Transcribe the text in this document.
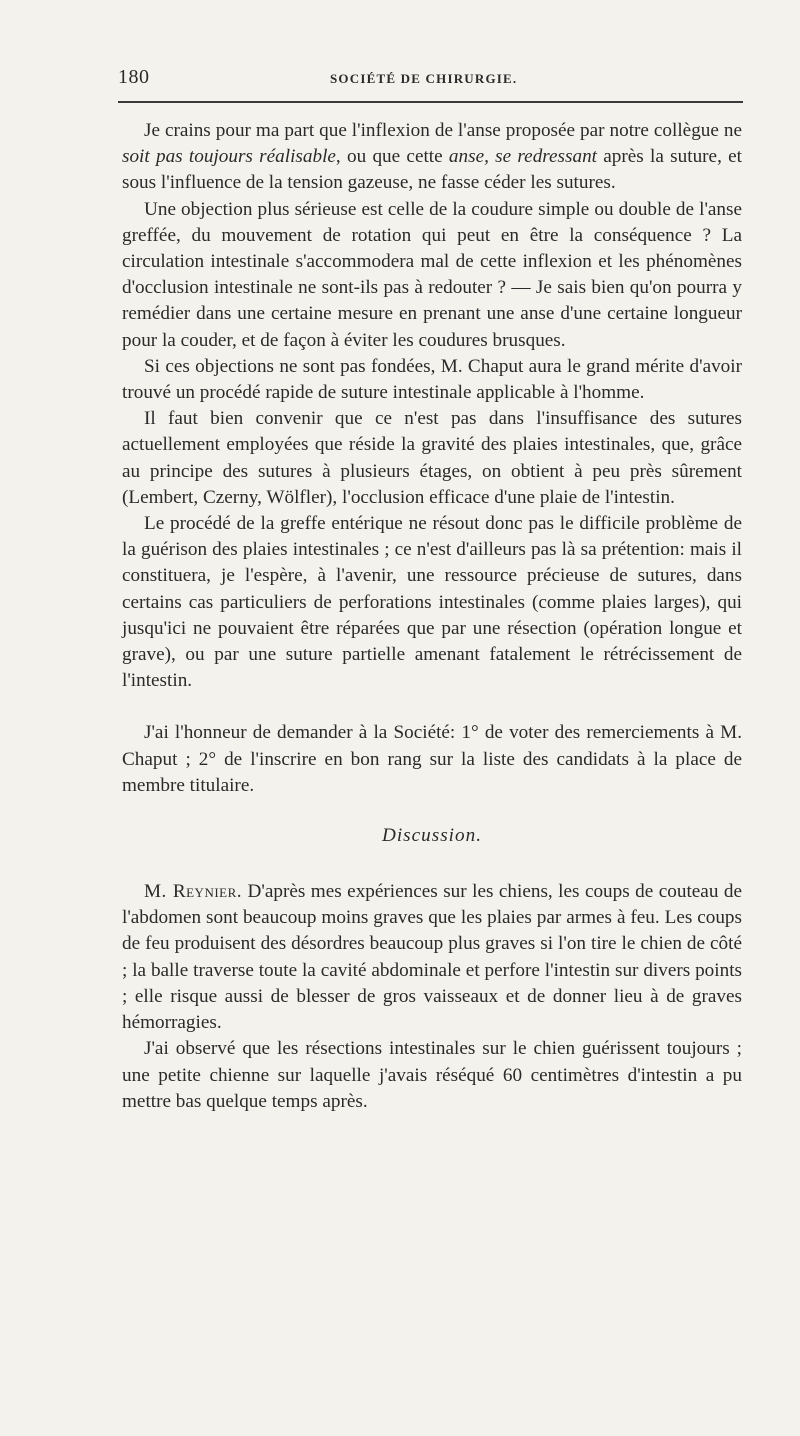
180	SOCIÉTÉ DE CHIRURGIE.

Je crains pour ma part que l'inflexion de l'anse proposée par notre collègue ne soit pas toujours réalisable, ou que cette anse, se redressant après la suture, et sous l'influence de la tension gazeuse, ne fasse céder les sutures.

Une objection plus sérieuse est celle de la coudure simple ou double de l'anse greffée, du mouvement de rotation qui peut en être la conséquence ? La circulation intestinale s'accommodera mal de cette inflexion et les phénomènes d'occlusion intestinale ne sont-ils pas à redouter ? — Je sais bien qu'on pourra y remédier dans une certaine mesure en prenant une anse d'une certaine longueur pour la couder, et de façon à éviter les coudures brusques.

Si ces objections ne sont pas fondées, M. Chaput aura le grand mérite d'avoir trouvé un procédé rapide de suture intestinale applicable à l'homme.

Il faut bien convenir que ce n'est pas dans l'insuffisance des sutures actuellement employées que réside la gravité des plaies intestinales, que, grâce au principe des sutures à plusieurs étages, on obtient à peu près sûrement (Lembert, Czerny, Wölfler), l'occlusion efficace d'une plaie de l'intestin.

Le procédé de la greffe entérique ne résout donc pas le difficile problème de la guérison des plaies intestinales ; ce n'est d'ailleurs pas là sa prétention: mais il constituera, je l'espère, à l'avenir, une ressource précieuse de sutures, dans certains cas particuliers de perforations intestinales (comme plaies larges), qui jusqu'ici ne pouvaient être réparées que par une résection (opération longue et grave), ou par une suture partielle amenant fatalement le rétrécissement de l'intestin.

J'ai l'honneur de demander à la Société: 1° de voter des remerciements à M. Chaput ; 2° de l'inscrire en bon rang sur la liste des candidats à la place de membre titulaire.

Discussion.

M. Reynier. D'après mes expériences sur les chiens, les coups de couteau de l'abdomen sont beaucoup moins graves que les plaies par armes à feu. Les coups de feu produisent des désordres beaucoup plus graves si l'on tire le chien de côté ; la balle traverse toute la cavité abdominale et perfore l'intestin sur divers points ; elle risque aussi de blesser de gros vaisseaux et de donner lieu à de graves hémorragies.

J'ai observé que les résections intestinales sur le chien guérissent toujours ; une petite chienne sur laquelle j'avais réséqué 60 centimètres d'intestin a pu mettre bas quelque temps après.
